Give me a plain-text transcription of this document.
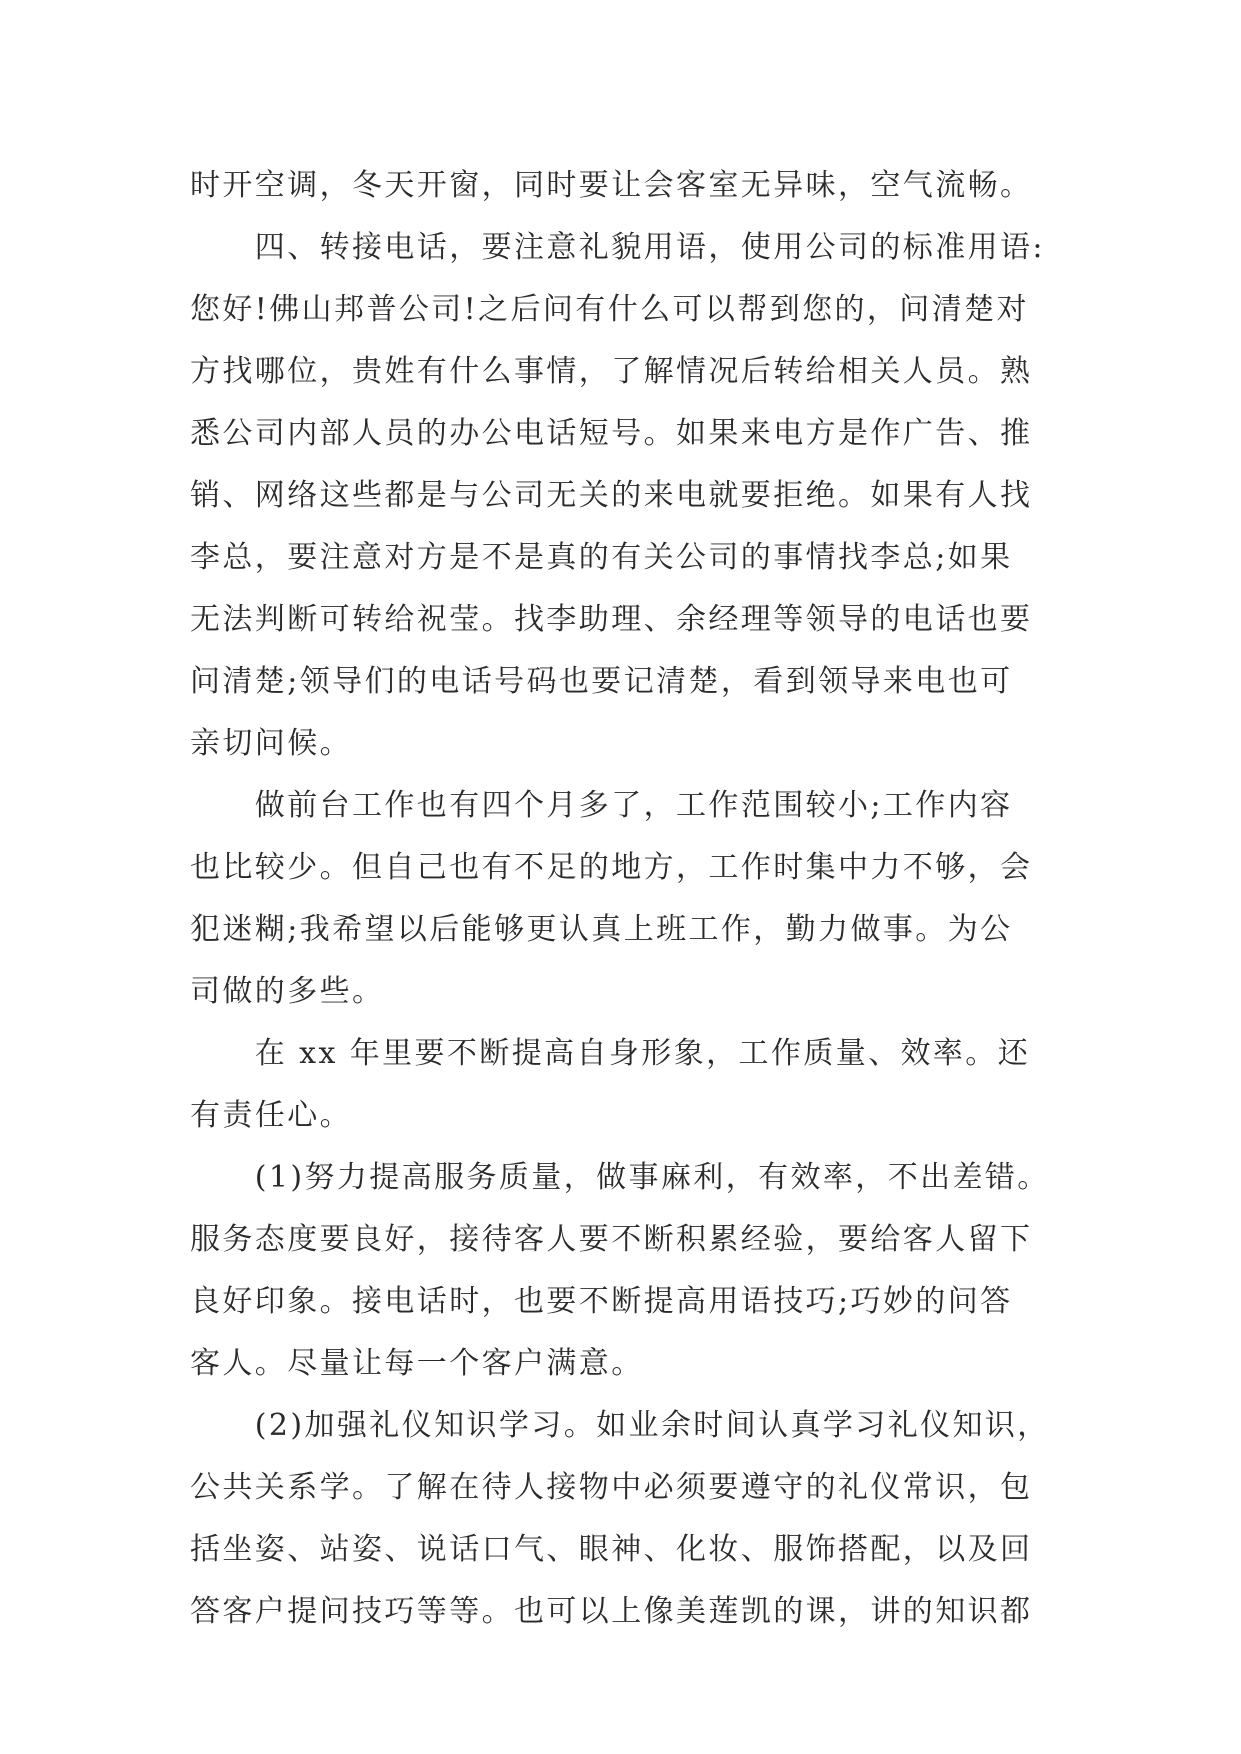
时开空调，冬天开窗，同时要让会客室无异味，空气流畅。
　　四、转接电话，要注意礼貌用语，使用公司的标准用语:
您好!佛山邦普公司!之后问有什么可以帮到您的，问清楚对
方找哪位，贵姓有什么事情，了解情况后转给相关人员。熟
悉公司内部人员的办公电话短号。如果来电方是作广告、推
销、网络这些都是与公司无关的来电就要拒绝。如果有人找
李总，要注意对方是不是真的有关公司的事情找李总;如果
无法判断可转给祝莹。找李助理、余经理等领导的电话也要
问清楚;领导们的电话号码也要记清楚，看到领导来电也可
亲切问候。
　　做前台工作也有四个月多了，工作范围较小;工作内容
也比较少。但自己也有不足的地方，工作时集中力不够，会
犯迷糊;我希望以后能够更认真上班工作，勤力做事。为公
司做的多些。
　　在 xx 年里要不断提高自身形象，工作质量、效率。还
有责任心。
　　(1)努力提高服务质量，做事麻利，有效率，不出差错。
服务态度要良好，接待客人要不断积累经验，要给客人留下
良好印象。接电话时，也要不断提高用语技巧;巧妙的问答
客人。尽量让每一个客户满意。
　　(2)加强礼仪知识学习。如业余时间认真学习礼仪知识，
公共关系学。了解在待人接物中必须要遵守的礼仪常识，包
括坐姿、站姿、说话口气、眼神、化妆、服饰搭配，以及回
答客户提问技巧等等。也可以上像美莲凯的课，讲的知识都
